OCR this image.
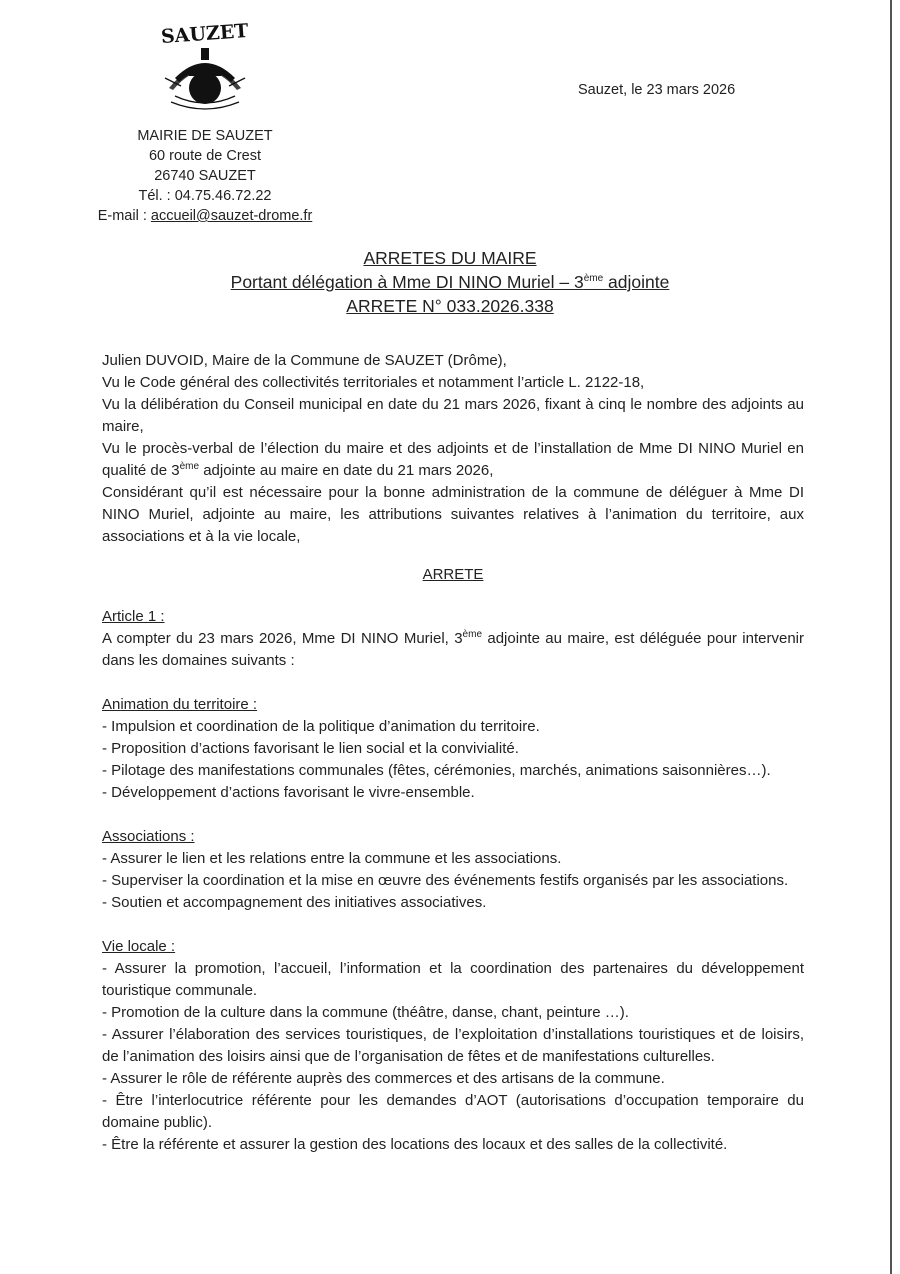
SAUZET
MAIRIE DE SAUZET
60 route de Crest
26740 SAUZET
Tél. : 04.75.46.72.22
E-mail : accueil@sauzet-drome.fr
Sauzet, le 23 mars 2026
ARRETES DU MAIRE
Portant délégation à Mme DI NINO Muriel – 3ème adjointe
ARRETE N° 033.2026.338

Julien DUVOID, Maire de la Commune de SAUZET (Drôme),

Vu le Code général des collectivités territoriales et notamment l’article L. 2122-18,

Vu la délibération du Conseil municipal en date du 21 mars 2026, fixant à cinq le nombre des adjoints au maire,

Vu le procès-verbal de l’élection du maire et des adjoints et de l’installation de Mme DI NINO Muriel en qualité de 3ème adjointe au maire en date du 21 mars 2026,

Considérant qu’il est nécessaire pour la bonne administration de la commune de déléguer à Mme DI NINO Muriel, adjointe au maire, les attributions suivantes relatives à l’animation du territoire, aux associations et à la vie locale,

ARRETE

Article 1 :

A compter du 23 mars 2026, Mme DI NINO Muriel, 3ème adjointe au maire, est déléguée pour intervenir dans les domaines suivants :

Animation du territoire :

- Impulsion et coordination de la politique d’animation du territoire.

- Proposition d’actions favorisant le lien social et la convivialité.

- Pilotage des manifestations communales (fêtes, cérémonies, marchés, animations saisonnières…).

- Développement d’actions favorisant le vivre-ensemble.

Associations :

- Assurer le lien et les relations entre la commune et les associations.

- Superviser la coordination et la mise en œuvre des événements festifs organisés par les associations.

- Soutien et accompagnement des initiatives associatives.

Vie locale :

- Assurer la promotion, l’accueil, l’information et la coordination des partenaires du développement touristique communale.

- Promotion de la culture dans la commune (théâtre, danse, chant, peinture …).

- Assurer l’élaboration des services touristiques, de l’exploitation d’installations touristiques et de loisirs, de l’animation des loisirs ainsi que de l’organisation de fêtes et de manifestations culturelles.

- Assurer le rôle de référente auprès des commerces et des artisans de la commune.

- Être l’interlocutrice référente pour les demandes d’AOT (autorisations d’occupation temporaire du domaine public).

- Être la référente et assurer la gestion des locations des locaux et des salles de la collectivité.
